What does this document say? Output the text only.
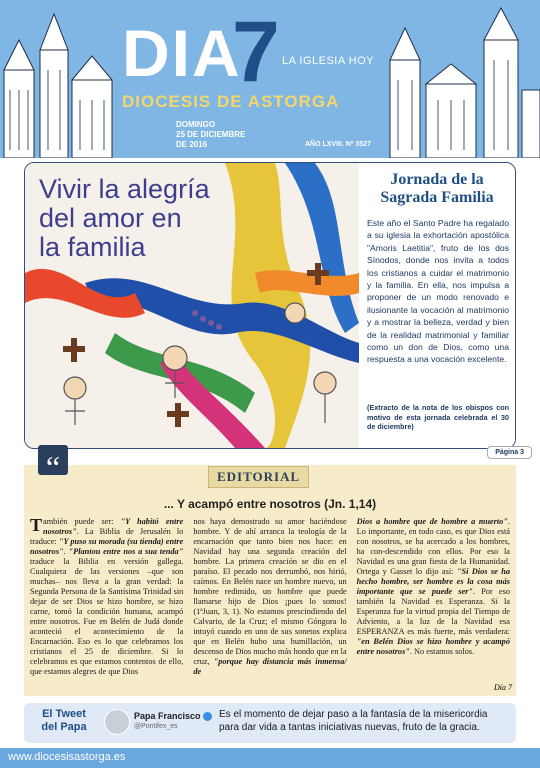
DIA
7 LA IGLESIA HOY
DIOCESIS DE ASTORGA
DOMINGO
25 DE DICIEMBRE
DE 2016	AÑO LXVIII. Nº 3527
Vivir la alegría
del amor en
la familia
Jornada de la
Sagrada Familia
Este año el Santo Padre ha regalado a su iglesia la exhortación apostólica "Amoris Laetitia", fruto de los dos Sínodos, donde nos invita a todos los cristianos a cuidar el matrimonio y la familia. En ella, nos impulsa a proponer de un modo renovado e ilusionante la vocación al matrimonio y a mostrar la belleza, verdad y bien de la realidad matrimonial y familiar como un don de Dios, como una respuesta a una vocación excelente.
(Extracto de la nota de los obispos con motivo de esta jornada celebrada el 30 de diciembre)
Página 3
“
... Y acampó entre nosotros (Jn. 1,14)
También puede ser: "Y habitó entre nosotros". La Biblia de Jerusalén lo traduce: "Y puso su morada (su tienda) entre nosotros". "Plantou entre nos a sua tenda" traduce la Biblia en versión gallega. Cualquiera de las versiones –que son muchas– nos lleva a la gran verdad: la Segunda Persona de la Santísima Trinidad sin dejar de ser Dios se hizo hombre, se hizo carne, tomó la condición humana, acampó entre nosotros. Fue en Belén de Judá donde aconteció el acontecimiento de la Encarnación. Eso es lo que celebramos los cristianos el 25 de diciembre. Si lo celebramos es que estamos contentos de ello, que estamos alegres de que Dios
nos haya demostrado su amor haciéndose hombre. Y de ahí arranca la teología de la encarnación que tanto bien nos hace: en Navidad hay una segunda creación del hombre. La primera creación se dio en el paraíso. El pecado nos derrumbó, nos hirió, caímos. En Belén nace un hombre nuevo, un hombre redimido, un hombre que puede llamarse hijo de Dios ¡pues lo somos! (1ªJuan, 3, 1). No estamos prescindiendo del Calvario, de la Cruz; el mismo Góngora lo intuyó cuando en uno de sus sonetos explica que en Belén hubo una humillación, un descenso de Dios mucho más hondo que en la cruz, "porque hay distancia más inmensa/ de
Dios a hombre que de hombre a muerto". Lo importante, en todo caso, es que Dios está con nosotros, se ha acercado a los hombres, ha con-descendido con ellos. Por eso la Navidad es una gran fiesta de la Humanidad. Ortega y Gasset lo dijo así: "Si Dios se ha hecho hombre, ser hombre es la cosa más importante que se puede ser". Por eso también la Navidad es Esperanza. Si la Esperanza fue la virtud propia del Tiempo de Adviento, a la luz de la Navidad esa ESPERANZA es más fuerte, más verdadera: "en Belén Dios se hizo hombre y acampó entre nosotros". No estamos solos.
Día 7
EDITORIAL
El Tweet
del Papa
Papa Francisco
@Pontifex_es
Es el momento de dejar paso a la fantasía de la misericordia para dar vida a tantas iniciativas nuevas, fruto de la gracia.
www.diocesisastorga.es
